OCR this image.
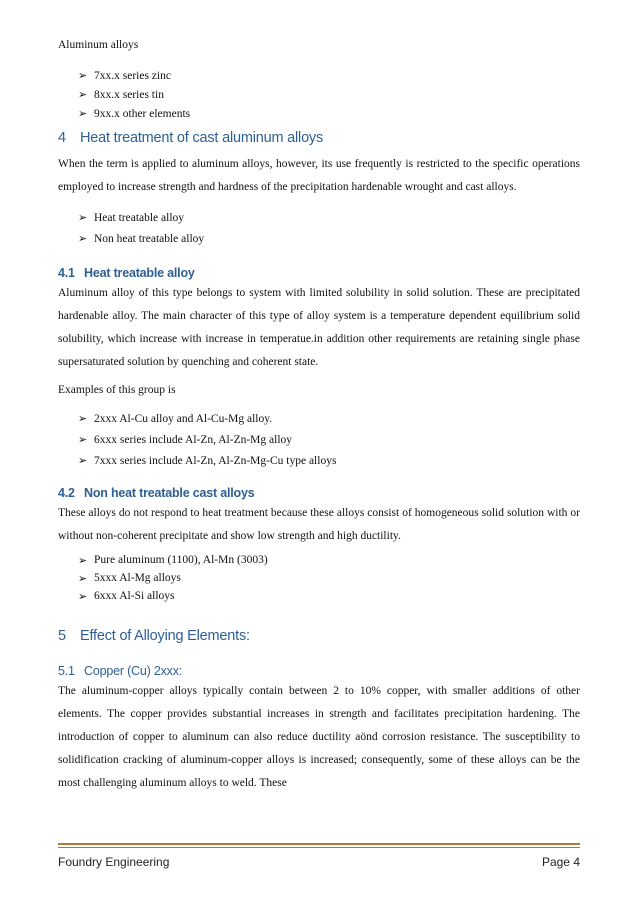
Aluminum alloys

➢ 7xx.x series zinc
➢ 8xx.x series tin
➢ 9xx.x other elements
4 Heat treatment of cast aluminum alloys

When the term is applied to aluminum alloys, however, its use frequently is restricted to the specific operations employed to increase strength and hardness of the precipitation hardenable wrought and cast alloys.

➢ Heat treatable alloy
➢ Non heat treatable alloy
4.1 Heat treatable alloy

Aluminum alloy of this type belongs to system with limited solubility in solid solution. These are precipitated hardenable alloy. The main character of this type of alloy system is a temperature dependent equilibrium solid solubility, which increase with increase in temperatue.in addition other requirements are retaining single phase supersaturated solution by quenching and coherent state.

Examples of this group is

➢ 2xxx Al-Cu alloy and Al-Cu-Mg alloy.
➢ 6xxx series include Al-Zn, Al-Zn-Mg alloy
➢ 7xxx series include Al-Zn, Al-Zn-Mg-Cu type alloys
4.2 Non heat treatable cast alloys

These alloys do not respond to heat treatment because these alloys consist of homogeneous solid solution with or without non-coherent precipitate and show low strength and high ductility.

➢ Pure aluminum (1100), Al-Mn (3003)
➢ 5xxx Al-Mg alloys
➢ 6xxx Al-Si alloys
5 Effect of Alloying Elements:
5.1 Copper (Cu) 2xxx:

The aluminum-copper alloys typically contain between 2 to 10% copper, with smaller additions of other elements. The copper provides substantial increases in strength and facilitates precipitation hardening. The introduction of copper to aluminum can also reduce ductility aönd corrosion resistance. The susceptibility to solidification cracking of aluminum-copper alloys is increased; consequently, some of these alloys can be the most challenging aluminum alloys to weld. These

Foundry Engineering	Page 4
